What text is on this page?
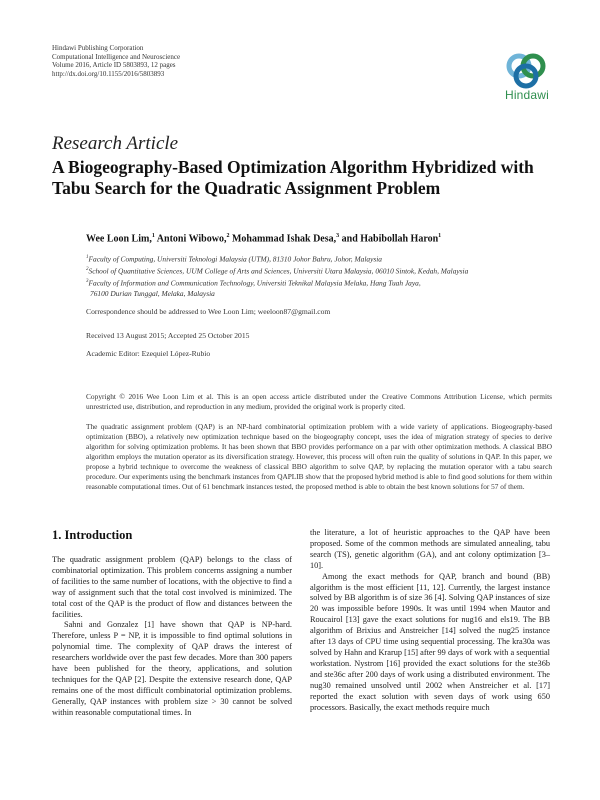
Hindawi Publishing Corporation
Computational Intelligence and Neuroscience
Volume 2016, Article ID 5803893, 12 pages
http://dx.doi.org/10.1155/2016/5803893
Hindawi
Research Article
A Biogeography-Based Optimization Algorithm Hybridized with Tabu Search for the Quadratic Assignment Problem
Wee Loon Lim,$^1$ Antoni Wibowo,$^2$ Mohammad Ishak Desa,$^3$ and Habibollah Haron$^1$
$^1$Faculty of Computing, Universiti Teknologi Malaysia (UTM), 81310 Johor Bahru, Johor, Malaysia
$^2$School of Quantitative Sciences, UUM College of Arts and Sciences, Universiti Utara Malaysia, 06010 Sintok, Kedah, Malaysia
$^3$Faculty of Information and Communication Technology, Universiti Teknikal Malaysia Melaka, Hang Tuah Jaya,
76100 Durian Tunggal, Melaka, Malaysia
Correspondence should be addressed to Wee Loon Lim; weeloon87@gmail.com
Received 13 August 2015; Accepted 25 October 2015
Academic Editor: Ezequiel López-Rubio
Copyright © 2016 Wee Loon Lim et al. This is an open access article distributed under the Creative Commons Attribution License, which permits unrestricted use, distribution, and reproduction in any medium, provided the original work is properly cited.
The quadratic assignment problem (QAP) is an NP-hard combinatorial optimization problem with a wide variety of applications. Biogeography-based optimization (BBO), a relatively new optimization technique based on the biogeography concept, uses the idea of migration strategy of species to derive algorithm for solving optimization problems. It has been shown that BBO provides performance on a par with other optimization methods. A classical BBO algorithm employs the mutation operator as its diversification strategy. However, this process will often ruin the quality of solutions in QAP. In this paper, we propose a hybrid technique to overcome the weakness of classical BBO algorithm to solve QAP, by replacing the mutation operator with a tabu search procedure. Our experiments using the benchmark instances from QAPLIB show that the proposed hybrid method is able to find good solutions for them within reasonable computational times. Out of 61 benchmark instances tested, the proposed method is able to obtain the best known solutions for 57 of them.
1. Introduction

The quadratic assignment problem (QAP) belongs to the class of combinatorial optimization. This problem concerns assigning a number of facilities to the same number of locations, with the objective to find a way of assignment such that the total cost involved is minimized. The total cost of the QAP is the product of flow and distances between the facilities.

Sahni and Gonzalez [1] have shown that QAP is NP-hard. Therefore, unless P = NP, it is impossible to find optimal solutions in polynomial time. The complexity of QAP draws the interest of researchers worldwide over the past few decades. More than 300 papers have been published for the theory, applications, and solution techniques for the QAP [2]. Despite the extensive research done, QAP remains one of the most difficult combinatorial optimization problems. Generally, QAP instances with problem size > 30 cannot be solved within reasonable computational times. In

the literature, a lot of heuristic approaches to the QAP have been proposed. Some of the common methods are simulated annealing, tabu search (TS), genetic algorithm (GA), and ant colony optimization [3–10].

Among the exact methods for QAP, branch and bound (BB) algorithm is the most efficient [11, 12]. Currently, the largest instance solved by BB algorithm is of size 36 [4]. Solving QAP instances of size 20 was impossible before 1990s. It was until 1994 when Mautor and Roucairol [13] gave the exact solutions for nug16 and els19. The BB algorithm of Brixius and Anstreicher [14] solved the nug25 instance after 13 days of CPU time using sequential processing. The kra30a was solved by Hahn and Krarup [15] after 99 days of work with a sequential workstation. Nystrom [16] provided the exact solutions for the ste36b and ste36c after 200 days of work using a distributed environment. The nug30 remained unsolved until 2002 when Anstreicher et al. [17] reported the exact solution with seven days of work using 650 processors. Basically, the exact methods require much
